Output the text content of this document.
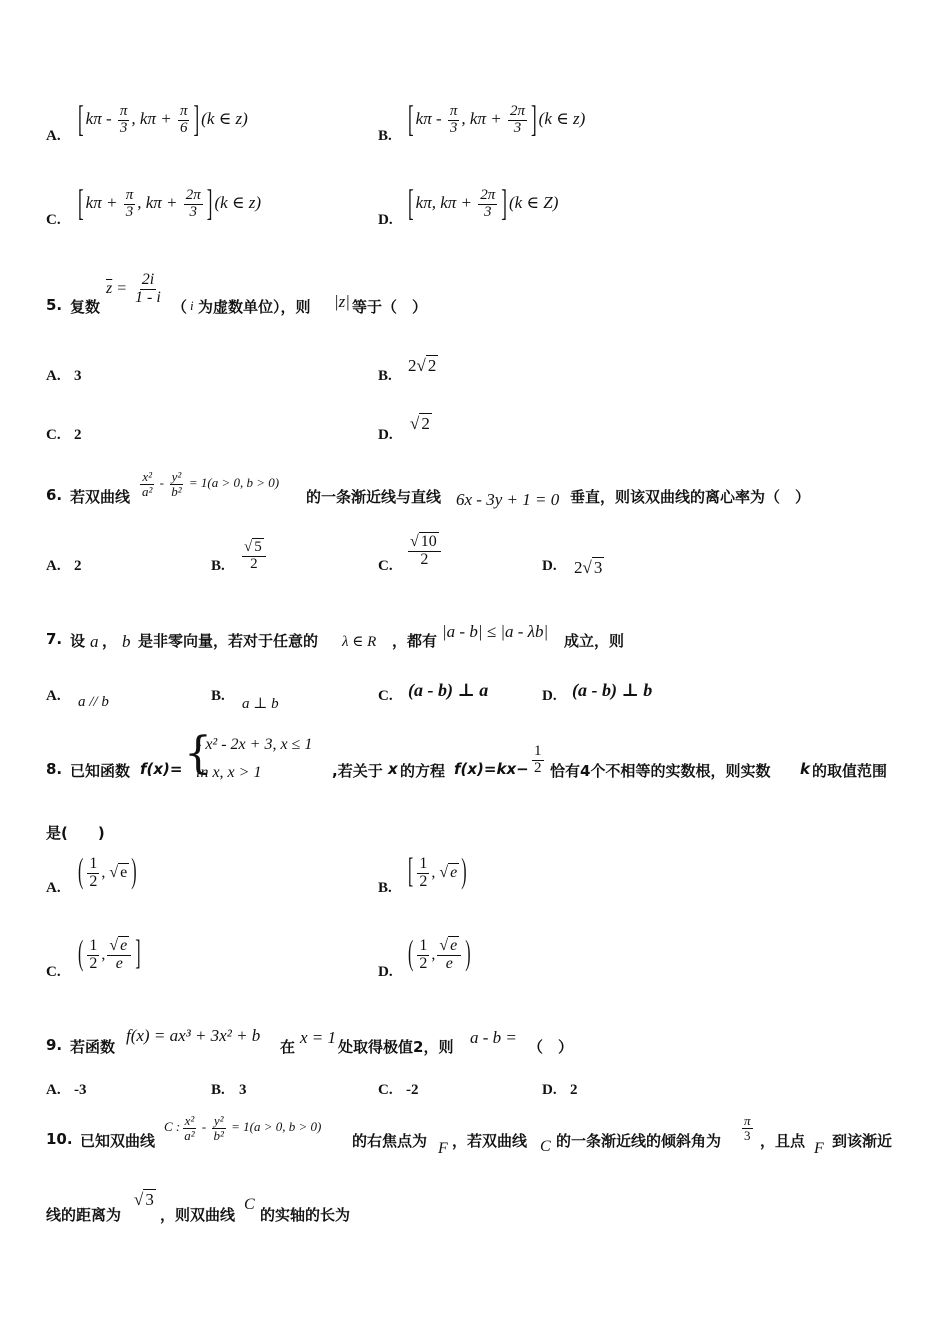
A. [ kπ - $\frac{\pi}{3}$ , $k\pi + \frac{\pi}{6}$ ] (k ∈ z)
B. [ kπ - $\frac{\pi}{3}$ , $k\pi + \frac{2\pi}{3}$ ] (k ∈ z)
C. [ $k\pi + \frac{\pi}{3}$ , $k\pi + \frac{2\pi}{3}$ ] (k ∈ z)
D. [ kπ, $k\pi + \frac{2\pi}{3}$ ] (k ∈ Z)
5. 复数
$\overline{z} = \frac{2i}{1 - i}$
（ i 为虚数单位），则 |z| 等于（　）
A. 3	B.
2√ 2
C. 2	D.
√ 2
6. 若双曲线 $\frac{\text{x²}}{\text{a²}} - \frac{\text{y²}}{\text{b²}} = 1(a > 0$, b > 0)
的一条渐近线与直线 6x - 3y + 1 = 0 垂直，则该双曲线的离心率为（　）
A. 2	B. $\frac{√ 5}{2}$	C. $\frac{√ 10}{2}$	D. 2√ 3
7. 设 a ， b 是非零向量，若对于任意的 λ ∈ R ，都有 |a - b| ≤ |a - λb| 成立，则
A. a // b	B. a ⊥ b	C. (a - b) ⊥ a	D. (a - b) ⊥ b
8. 已知函数 f(x)= {
- x² - 2x + 3, x ≤ 1
ln x, x > 1	,若关于 x 的方程 $f(x)=kx- \frac{1}{2}$ 恰有4个不相等的实数根，则实数 k 的取值范围
是(　　)
A. ( $\frac{1}{2}$ , √ e )	B. [ $\frac{1}{2}$ , √ e )
C. ( $\frac{1}{2}$ , $\frac{√ e}{e}$ ]	D. ( $\frac{1}{2}$ , $\frac{√ e}{e}$ )
9. 若函数
f(x) = ax³ + 3x² + b
在 x = 1 处取得极值2，则 a - b = （　）
A. -3	B. 3	C. -2	D. 2
10. 已知双曲线
C : $\frac{\text{x²}}{\text{a²}} - \frac{\text{y²}}{\text{b²}} = 1(a > 0$, b > 0)
的右焦点为 F ，若双曲线 C 的一条渐近线的倾斜角为 $\frac{\pi}{3}$ ，且点 F 到该渐近
线的距离为
√ 3
，则双曲线
C
的实轴的长为
